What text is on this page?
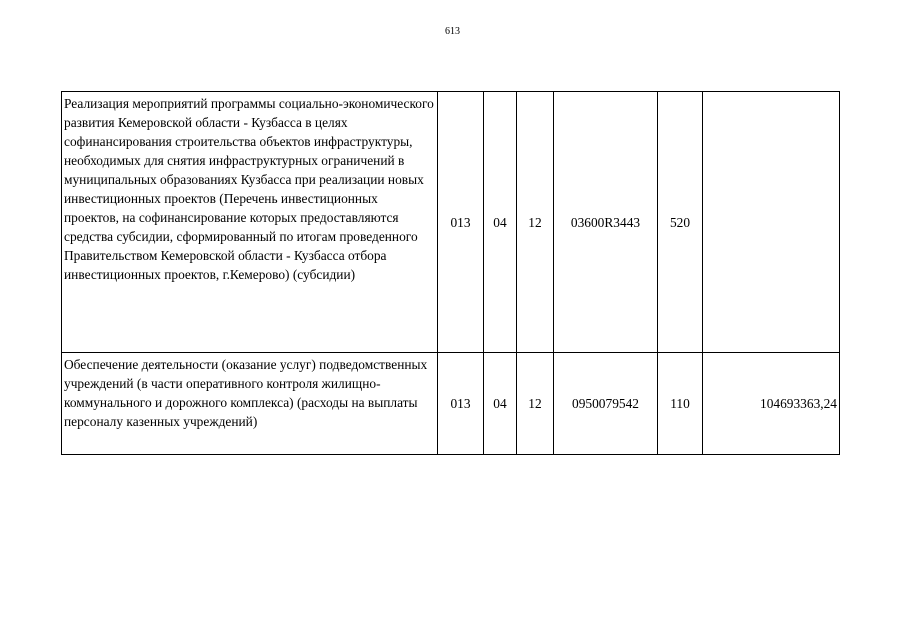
613
Реализация мероприятий программы социально-экономического развития Кемеровской области - Кузбасса в целях софинансирования строительства объектов инфраструктуры, необходимых для снятия инфраструктурных ограничений в муниципальных образованиях Кузбасса при реализации новых инвестиционных проектов (Перечень инвестиционных проектов, на софинансирование которых предоставляются средства субсидии, сформированный по итогам проведенного Правительством Кемеровской области - Кузбасса отбора инвестиционных проектов, г.Кемерово) (субсидии)	013	04	12	03600R3443	520	
Обеспечение деятельности (оказание услуг) подведомственных учреждений (в части оперативного контроля жилищно-коммунального и дорожного комплекса) (расходы на выплаты персоналу казенных учреждений)	013	04	12	0950079542	110	104693363,24
